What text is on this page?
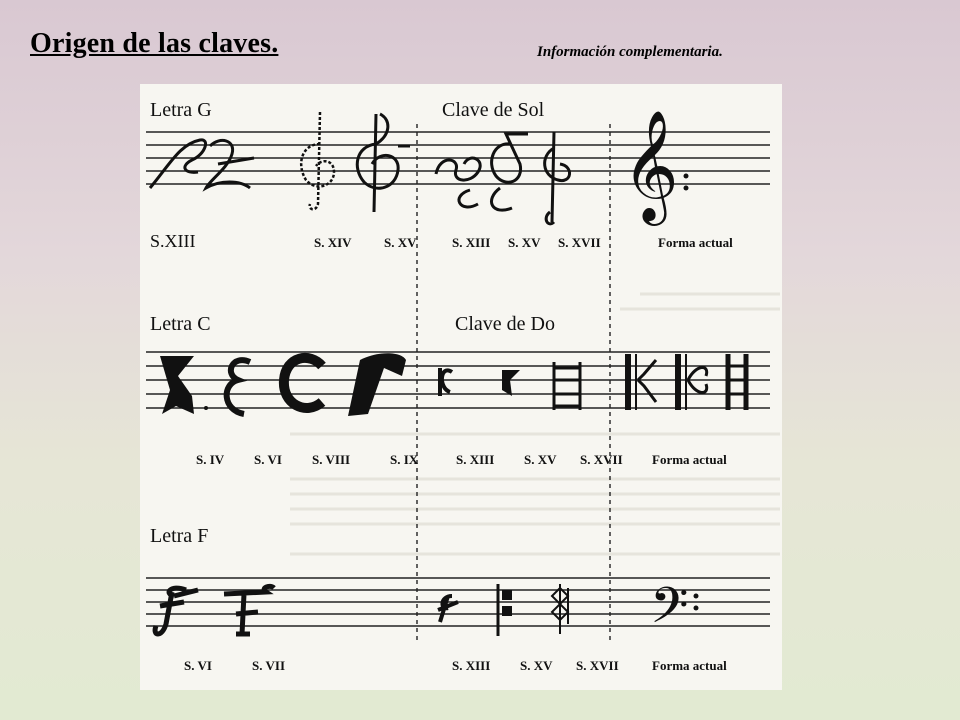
Origen de las claves.	Información complementaria.
Letra G	Clave de Sol 𝄞
S.XIII	S. XIV S. XV	S. XIII S. XV S. XVII	Forma actual
Letra C	Clave de Do
S. IV S. VI S. VIII	S. IX	S. XIII S. XV S. XVII Forma actual
Letra F
𝄢
S. VI	S. VII	S. XIII S. XV S. XVII	Forma actual
